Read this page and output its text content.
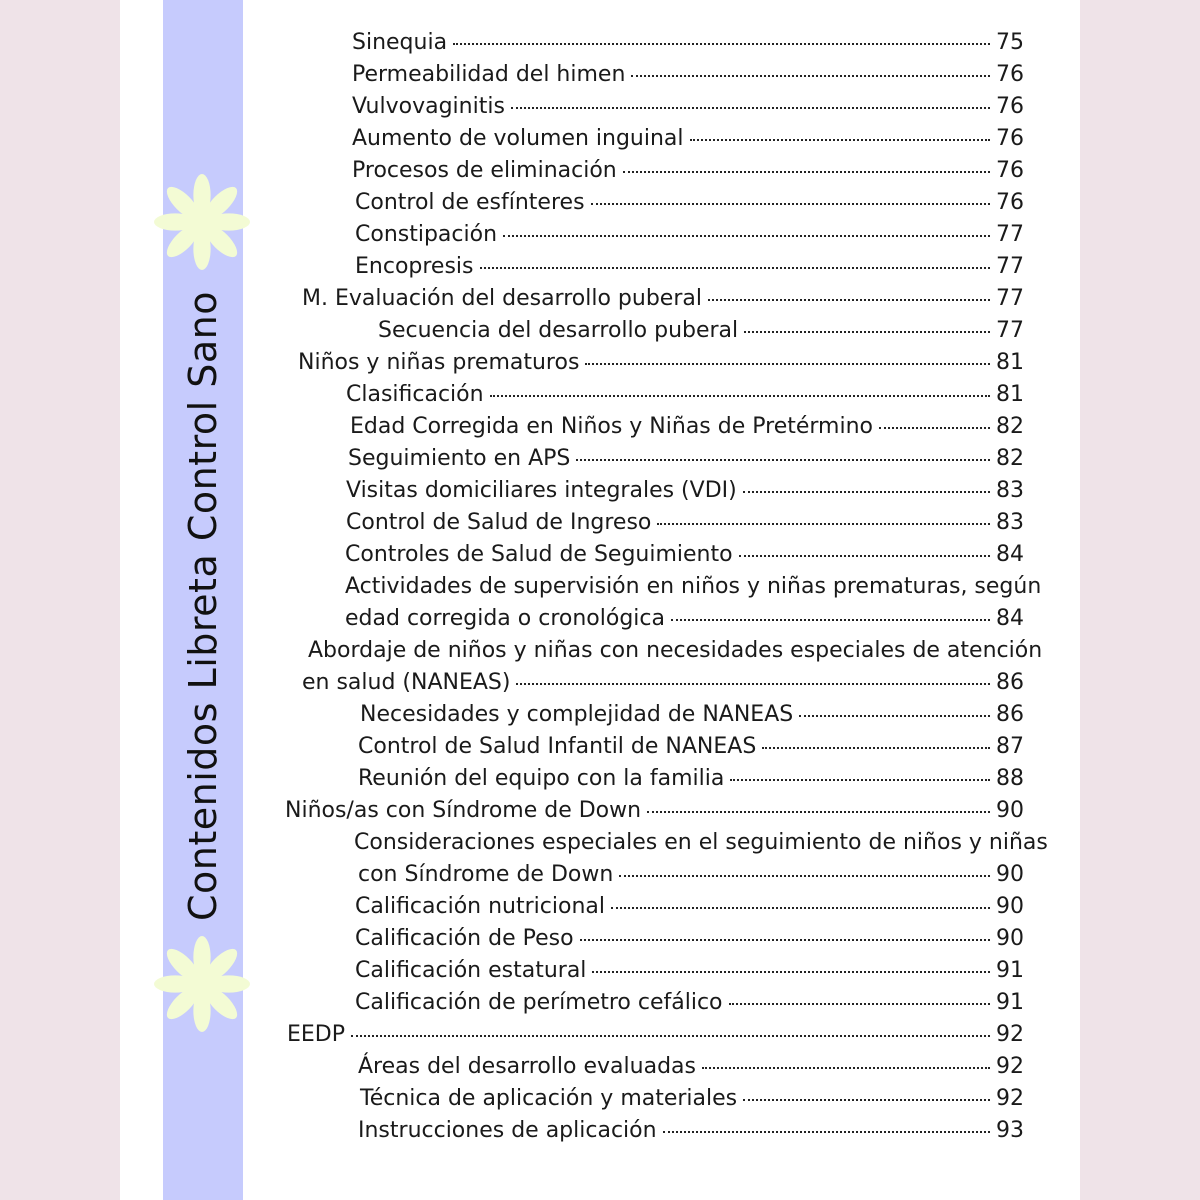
Contenidos Libreta Control Sano
Sinequia	75
Permeabilidad del himen	76
Vulvovaginitis	76
Aumento de volumen inguinal	76
Procesos de eliminación	76
Control de esfínteres	76
Constipación	77
Encopresis	77
M. Evaluación del desarrollo puberal	77
Secuencia del desarrollo puberal	77
Niños y niñas prematuros	81
Clasificación	81
Edad Corregida en Niños y Niñas de Pretérmino	82
Seguimiento en APS	82
Visitas domiciliares integrales (VDI)	83
Control de Salud de Ingreso	83
Controles de Salud de Seguimiento	84
Actividades de supervisión en niños y niñas prematuras, según
edad corregida o cronológica	84
Abordaje de niños y niñas con necesidades especiales de atención
en salud (NANEAS)	86
Necesidades y complejidad de NANEAS	86
Control de Salud Infantil de NANEAS	87
Reunión del equipo con la familia	88
Niños/as con Síndrome de Down	90
Consideraciones especiales en el seguimiento de niños y niñas
con Síndrome de Down	90
Calificación nutricional	90
Calificación de Peso	90
Calificación estatural	91
Calificación de perímetro cefálico	91
EEDP	92
Áreas del desarrollo evaluadas	92
Técnica de aplicación y materiales	92
Instrucciones de aplicación	93
